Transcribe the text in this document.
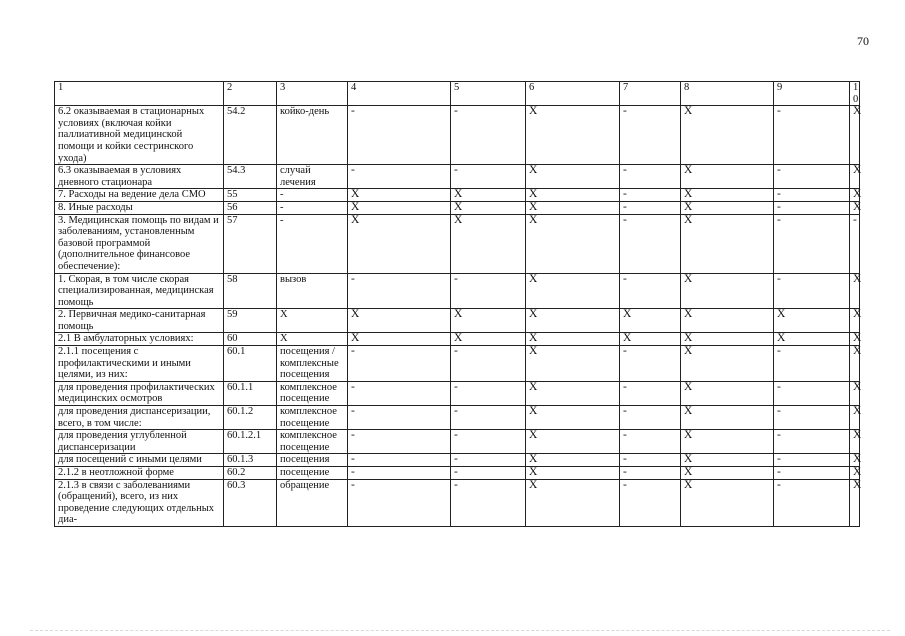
70
1	2	3	4	5	6	7	8	9	10
6.2 оказываемая в стационарных условиях (включая койки паллиативной медицинской помощи и койки сестринского ухода)	54.2	койко-день	-	-	X	-	X	-	X
6.3 оказываемая в условиях дневного стационара	54.3	случай лечения	-	-	X	-	X	-	X
7. Расходы на ведение дела СМО	55	-	X	X	X	-	X	-	X
8. Иные расходы	56	-	X	X	X	-	X	-	X
3. Медицинская помощь по видам и заболеваниям, установленным базовой программой (дополнительное финансовое обеспечение):	57	-	X	X	X	-	X	-	-
1. Скорая, в том числе скорая специализированная, медицинская помощь	58	вызов	-	-	X	-	X	-	X
2. Первичная медико-санитарная помощь	59	X	X	X	X	X	X	X	X
2.1 В амбулаторных условиях:	60	X	X	X	X	X	X	X	X
2.1.1 посещения с профилактическими и иными целями, из них:	60.1	посещения / комплексные посещения	-	-	X	-	X	-	X
для проведения профилактических медицинских осмотров	60.1.1	комплексное посещение	-	-	X	-	X	-	X
для проведения диспансеризации, всего, в том числе:	60.1.2	комплексное посещение	-	-	X	-	X	-	X
для проведения углубленной диспансеризации	60.1.2.1	комплексное посещение	-	-	X	-	X	-	X
для посещений с иными целями	60.1.3	посещения	-	-	X	-	X	-	X
2.1.2 в неотложной форме	60.2	посещение	-	-	X	-	X	-	X
2.1.3 в связи с заболеваниями (обращений), всего, из них проведение следующих отдельных диа-	60.3	обращение	-	-	X	-	X	-	X
